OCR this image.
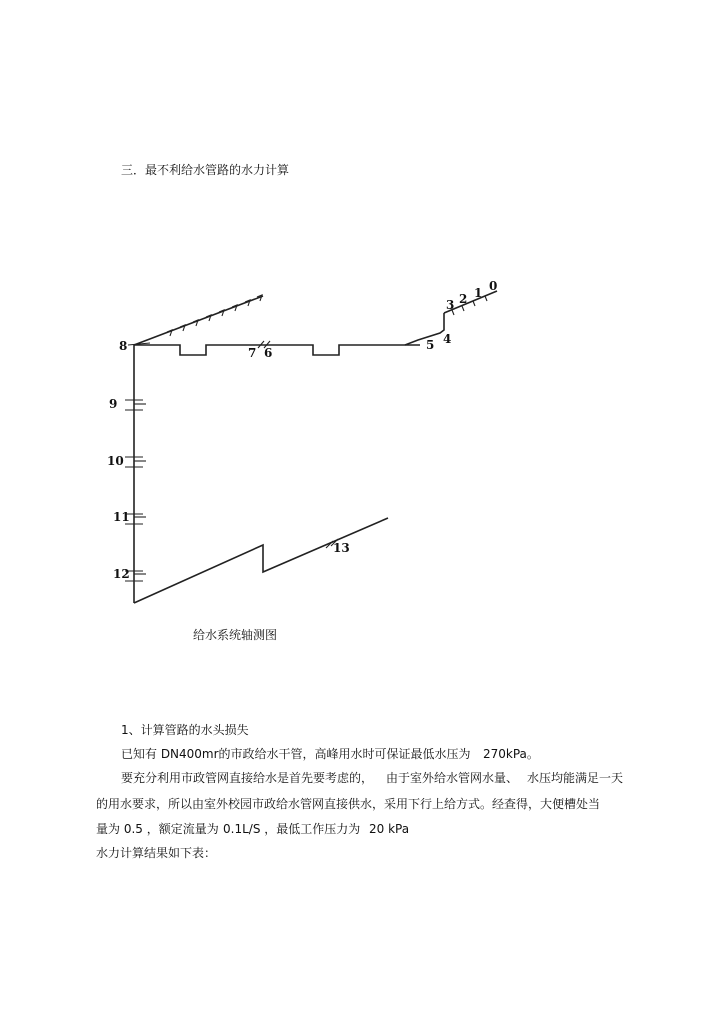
三．最不利给水管路的水力计算
0
1
2
3
4
5
6
7
8
9
10
11
12
13
给水系统轴测图
1、计算管路的水头损失
已知有 DN400mr的市政给水干管，高峰用水时可保证最低水压为 270kPa。
要充分利用市政管网直接给水是首先要考虑的， 由于室外给水管网水量、 水压均能满足一天
的用水要求，所以由室外校园市政给水管网直接供水，采用下行上给方式。经查得，大便槽处当
量为 0.5 ，额定流量为 0.1L/S ，最低工作压力为 20 kPa
水力计算结果如下表：
